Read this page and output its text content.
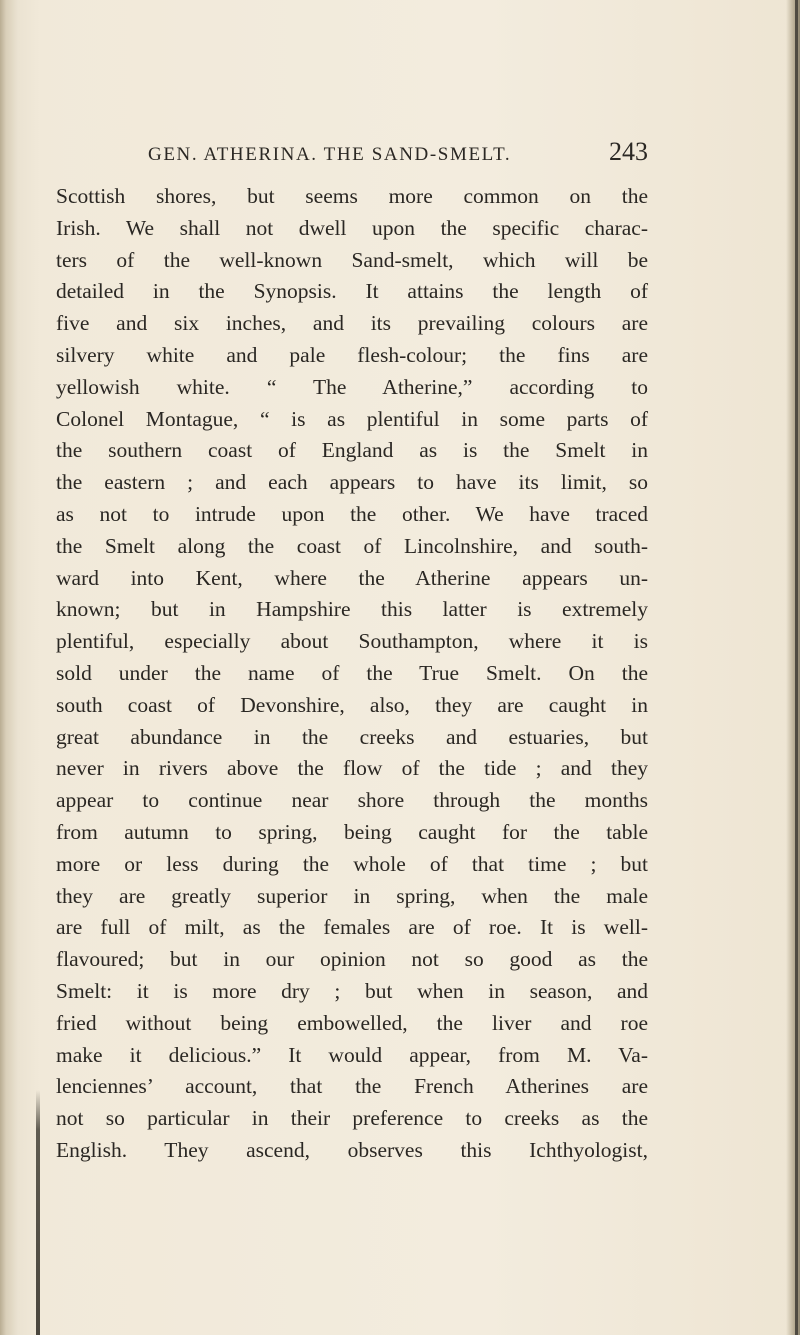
GEN. ATHERINA. THE SAND-SMELT.	243
Scottish shores, but seems more common on the
Irish. We shall not dwell upon the specific charac-
ters of the well-known Sand-smelt, which will be
detailed in the Synopsis. It attains the length of
five and six inches, and its prevailing colours are
silvery white and pale flesh-colour; the fins are
yellowish white. “ The Atherine,” according to
Colonel Montague, “ is as plentiful in some parts of
the southern coast of England as is the Smelt in
the eastern ; and each appears to have its limit, so
as not to intrude upon the other. We have traced
the Smelt along the coast of Lincolnshire, and south-
ward into Kent, where the Atherine appears un-
known; but in Hampshire this latter is extremely
plentiful, especially about Southampton, where it is
sold under the name of the True Smelt. On the
south coast of Devonshire, also, they are caught in
great abundance in the creeks and estuaries, but
never in rivers above the flow of the tide ; and they
appear to continue near shore through the months
from autumn to spring, being caught for the table
more or less during the whole of that time ; but
they are greatly superior in spring, when the male
are full of milt, as the females are of roe. It is well-
flavoured; but in our opinion not so good as the
Smelt: it is more dry ; but when in season, and
fried without being embowelled, the liver and roe
make it delicious.” It would appear, from M. Va-
lenciennes’ account, that the French Atherines are
not so particular in their preference to creeks as the
English. They ascend, observes this Ichthyologist,
